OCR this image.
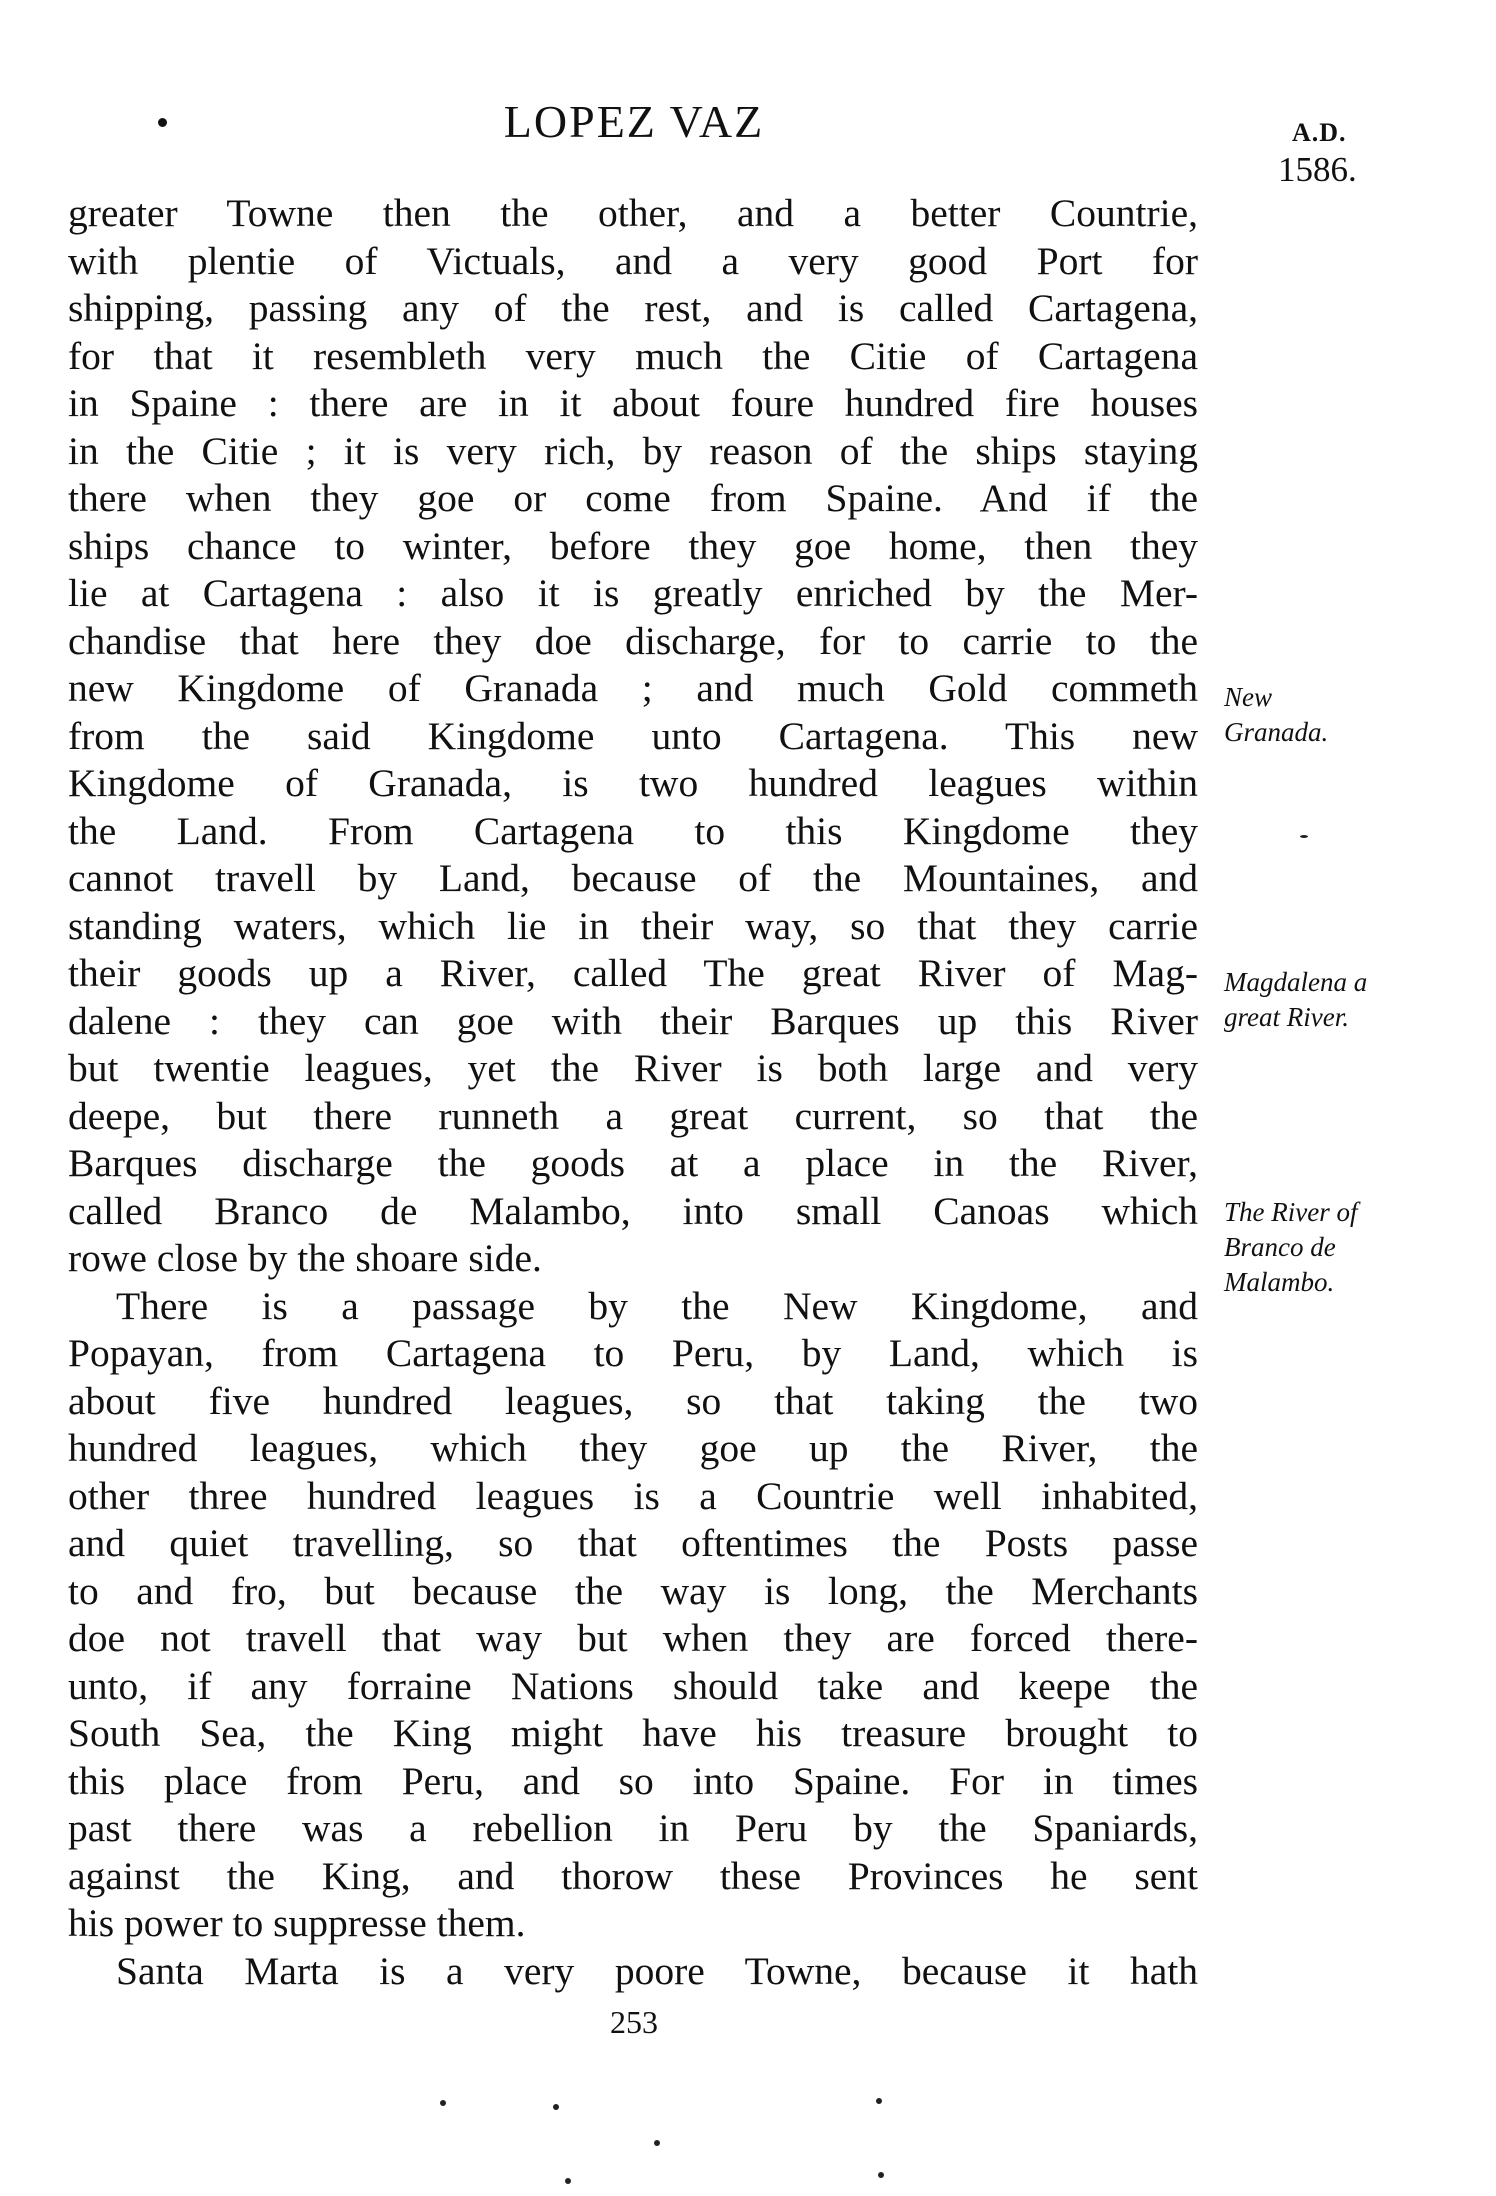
LOPEZ VAZ	A.D.
1586.
greater Towne then the other, and a better Countrie,
with plentie of Victuals, and a very good Port for
shipping, passing any of the rest, and is called Cartagena,
for that it resembleth very much the Citie of Cartagena
in Spaine : there are in it about foure hundred fire houses
in the Citie ; it is very rich, by reason of the ships staying
there when they goe or come from Spaine. And if the
ships chance to winter, before they goe home, then they
lie at Cartagena : also it is greatly enriched by the Mer-
chandise that here they doe discharge, for to carrie to the
new Kingdome of Granada ; and much Gold commeth
from the said Kingdome unto Cartagena. This new
Kingdome of Granada, is two hundred leagues within
the Land. From Cartagena to this Kingdome they
cannot travell by Land, because of the Mountaines, and
standing waters, which lie in their way, so that they carrie
their goods up a River, called The great River of Mag-
dalene : they can goe with their Barques up this River
but twentie leagues, yet the River is both large and very
deepe, but there runneth a great current, so that the
Barques discharge the goods at a place in the River,
called Branco de Malambo, into small Canoas which
rowe close by the shoare side.
There is a passage by the New Kingdome, and
Popayan, from Cartagena to Peru, by Land, which is
about five hundred leagues, so that taking the two
hundred leagues, which they goe up the River, the
other three hundred leagues is a Countrie well inhabited,
and quiet travelling, so that oftentimes the Posts passe
to and fro, but because the way is long, the Merchants
doe not travell that way but when they are forced there-
unto, if any forraine Nations should take and keepe the
South Sea, the King might have his treasure brought to
this place from Peru, and so into Spaine. For in times
past there was a rebellion in Peru by the Spaniards,
against the King, and thorow these Provinces he sent
his power to suppresse them.
Santa Marta is a very poore Towne, because it hath
New
Granada.
Magdalena a
great River.
The River of
Branco de
Malambo.
253
